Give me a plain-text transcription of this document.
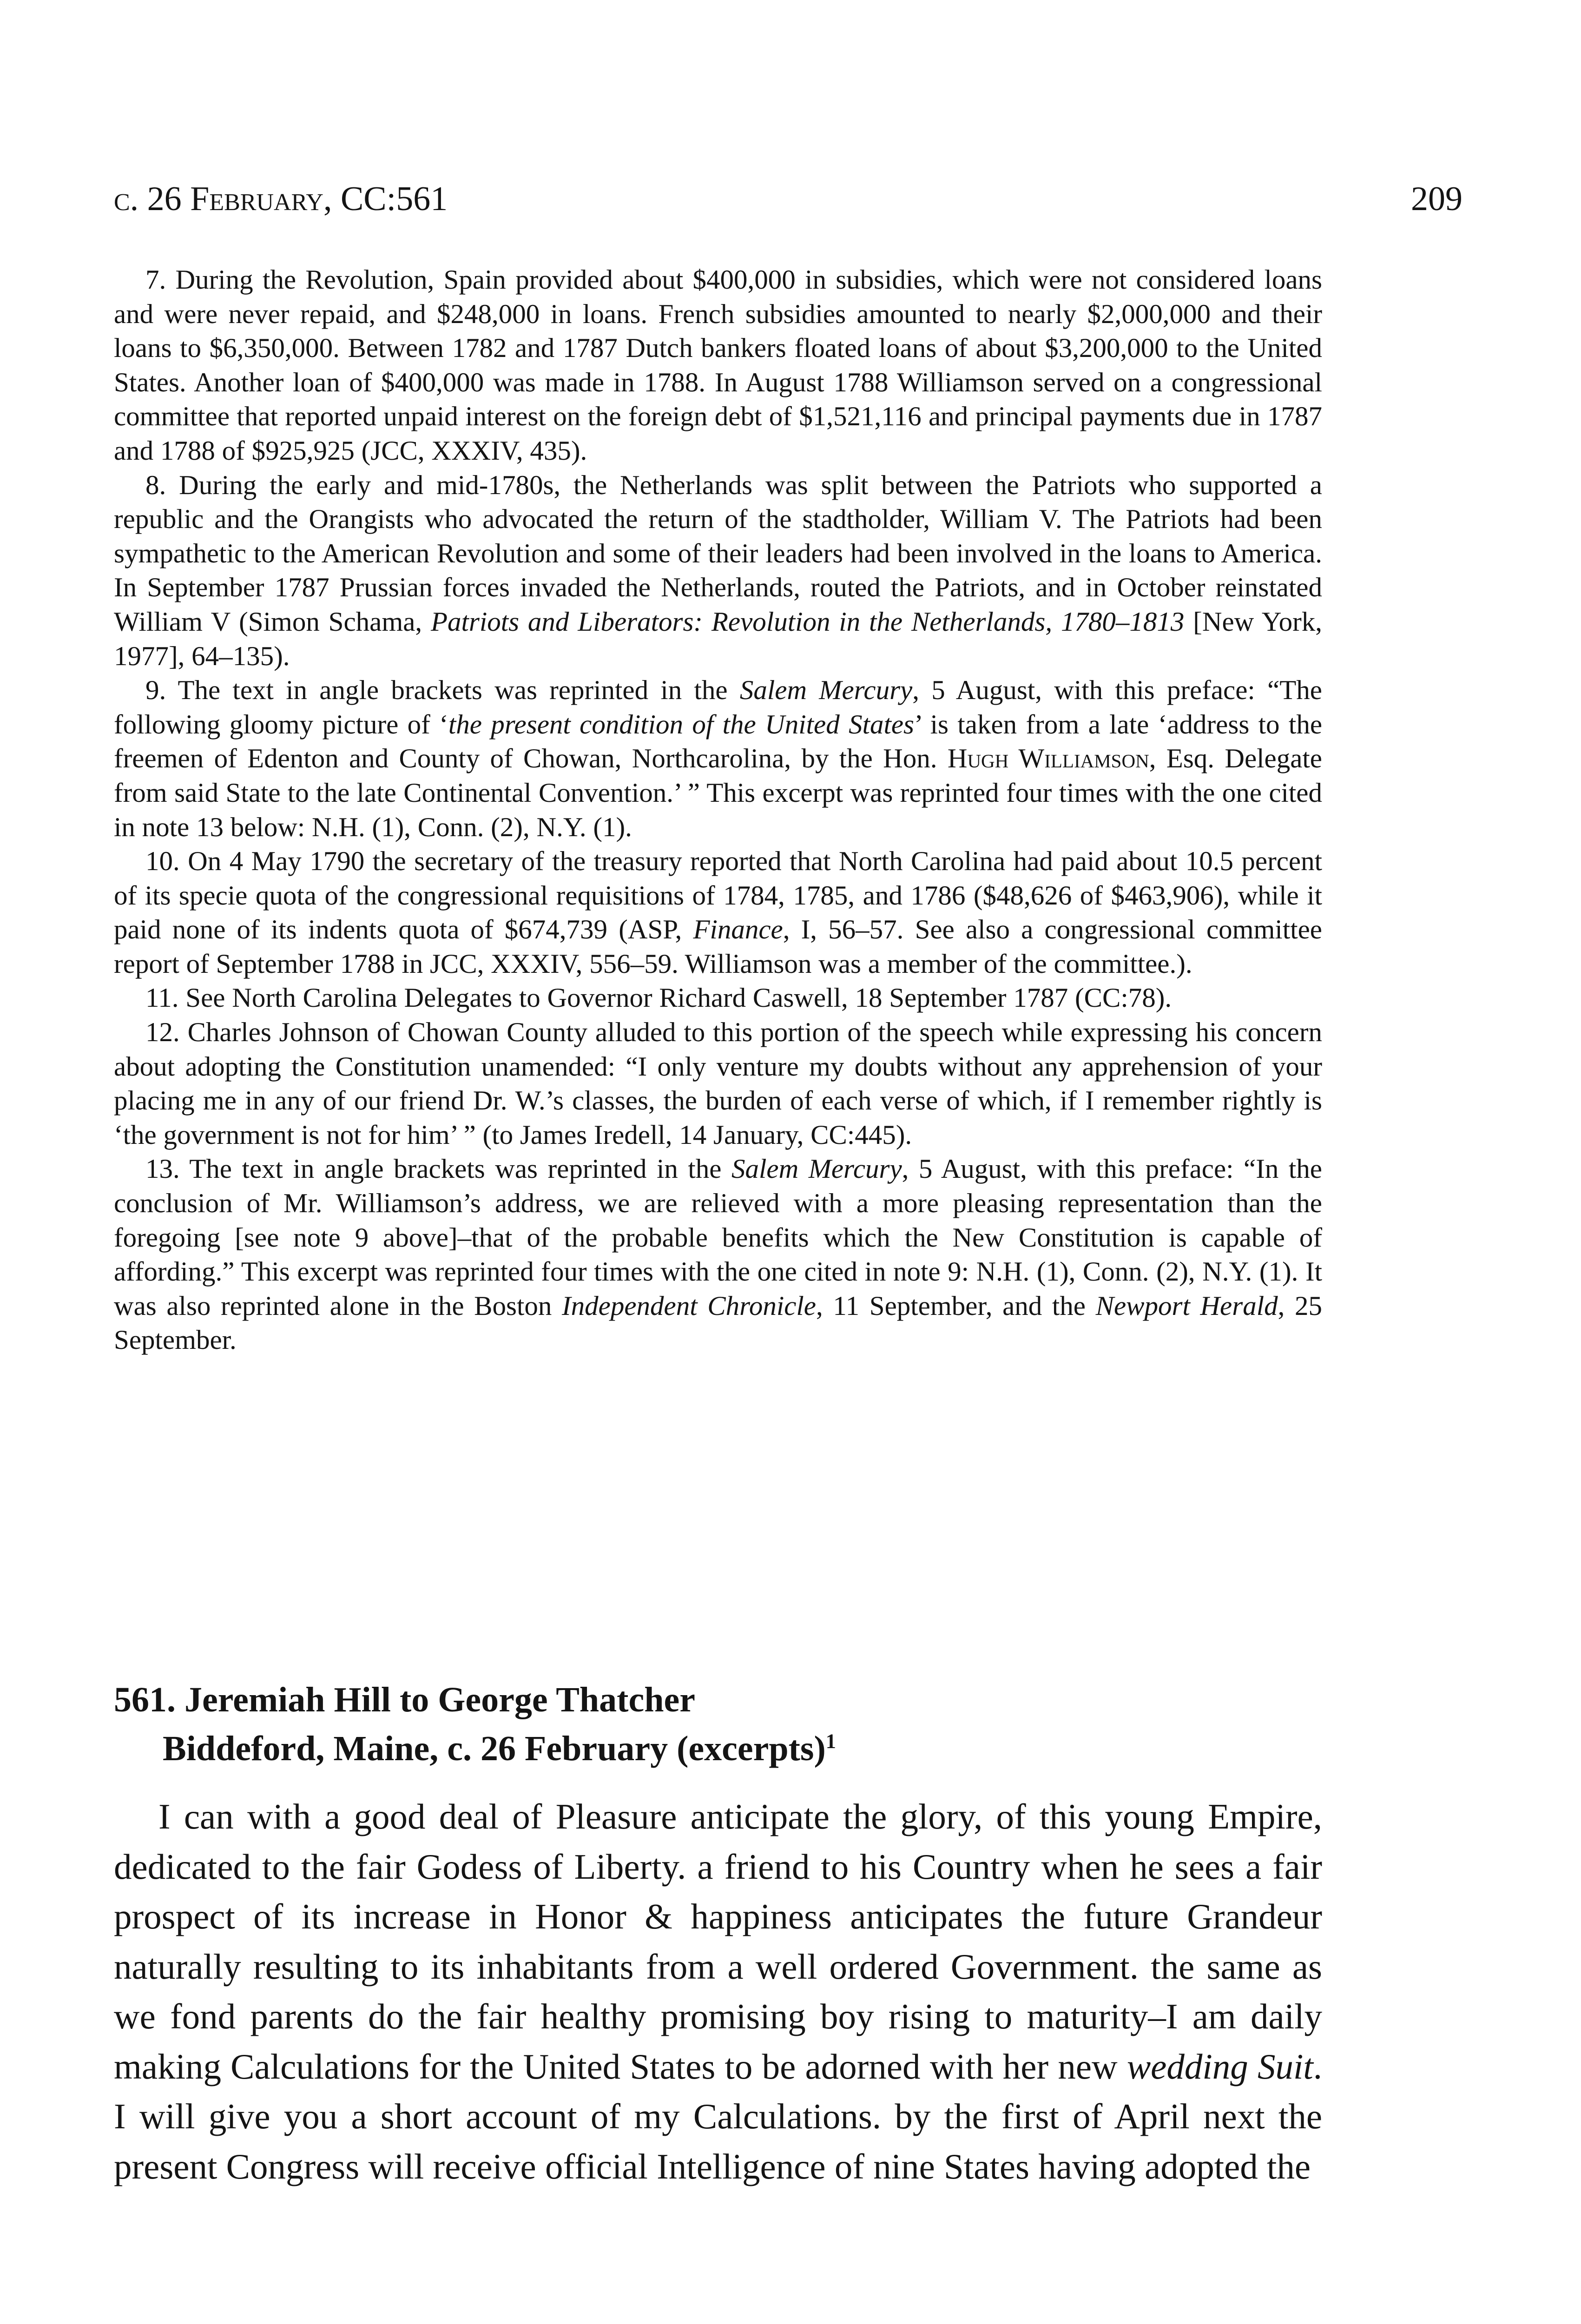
c. 26 February, CC:561	209

7. During the Revolution, Spain provided about $400,000 in subsidies, which were not considered loans and were never repaid, and $248,000 in loans. French subsidies amounted to nearly $2,000,000 and their loans to $6,350,000. Between 1782 and 1787 Dutch bankers floated loans of about $3,200,000 to the United States. Another loan of $400,000 was made in 1788. In August 1788 Williamson served on a congressional committee that reported unpaid interest on the foreign debt of $1,521,116 and principal payments due in 1787 and 1788 of $925,925 (JCC, XXXIV, 435).

8. During the early and mid-1780s, the Netherlands was split between the Patriots who supported a republic and the Orangists who advocated the return of the stadtholder, William V. The Patriots had been sympathetic to the American Revolution and some of their leaders had been involved in the loans to America. In September 1787 Prussian forces invaded the Netherlands, routed the Patriots, and in October reinstated William V (Simon Schama, Patriots and Liberators: Revolution in the Netherlands, 1780–1813 [New York, 1977], 64–135).

9. The text in angle brackets was reprinted in the Salem Mercury, 5 August, with this preface: “The following gloomy picture of ‘the present condition of the United States’ is taken from a late ‘address to the freemen of Edenton and County of Chowan, Northcarolina, by the Hon. Hugh Williamson, Esq. Delegate from said State to the late Continental Convention.’ ” This excerpt was reprinted four times with the one cited in note 13 below: N.H. (1), Conn. (2), N.Y. (1).

10. On 4 May 1790 the secretary of the treasury reported that North Carolina had paid about 10.5 percent of its specie quota of the congressional requisitions of 1784, 1785, and 1786 ($48,626 of $463,906), while it paid none of its indents quota of $674,739 (ASP, Finance, I, 56–57. See also a congressional committee report of September 1788 in JCC, XXXIV, 556–59. Williamson was a member of the committee.).

11. See North Carolina Delegates to Governor Richard Caswell, 18 September 1787 (CC:78).

12. Charles Johnson of Chowan County alluded to this portion of the speech while expressing his concern about adopting the Constitution unamended: “I only venture my doubts without any apprehension of your placing me in any of our friend Dr. W.’s classes, the burden of each verse of which, if I remember rightly is ‘the government is not for him’ ” (to James Iredell, 14 January, CC:445).

13. The text in angle brackets was reprinted in the Salem Mercury, 5 August, with this preface: “In the conclusion of Mr. Williamson’s address, we are relieved with a more pleasing representation than the foregoing [see note 9 above]–that of the probable benefits which the New Constitution is capable of affording.” This excerpt was reprinted four times with the one cited in note 9: N.H. (1), Conn. (2), N.Y. (1). It was also reprinted alone in the Boston Independent Chronicle, 11 September, and the Newport Herald, 25 September.

561. Jeremiah Hill to George Thatcher
Biddeford, Maine, c. 26 February (excerpts)$^1$

I can with a good deal of Pleasure anticipate the glory, of this young Empire, dedicated to the fair Godess of Liberty. a friend to his Country when he sees a fair prospect of its increase in Honor & happiness anticipates the future Grandeur naturally resulting to its inhabitants from a well ordered Government. the same as we fond parents do the fair healthy promising boy rising to maturity–I am daily making Calculations for the United States to be adorned with her new wedding Suit. I will give you a short account of my Calculations. by the first of April next the present Congress will receive official Intelligence of nine States having adopted the
